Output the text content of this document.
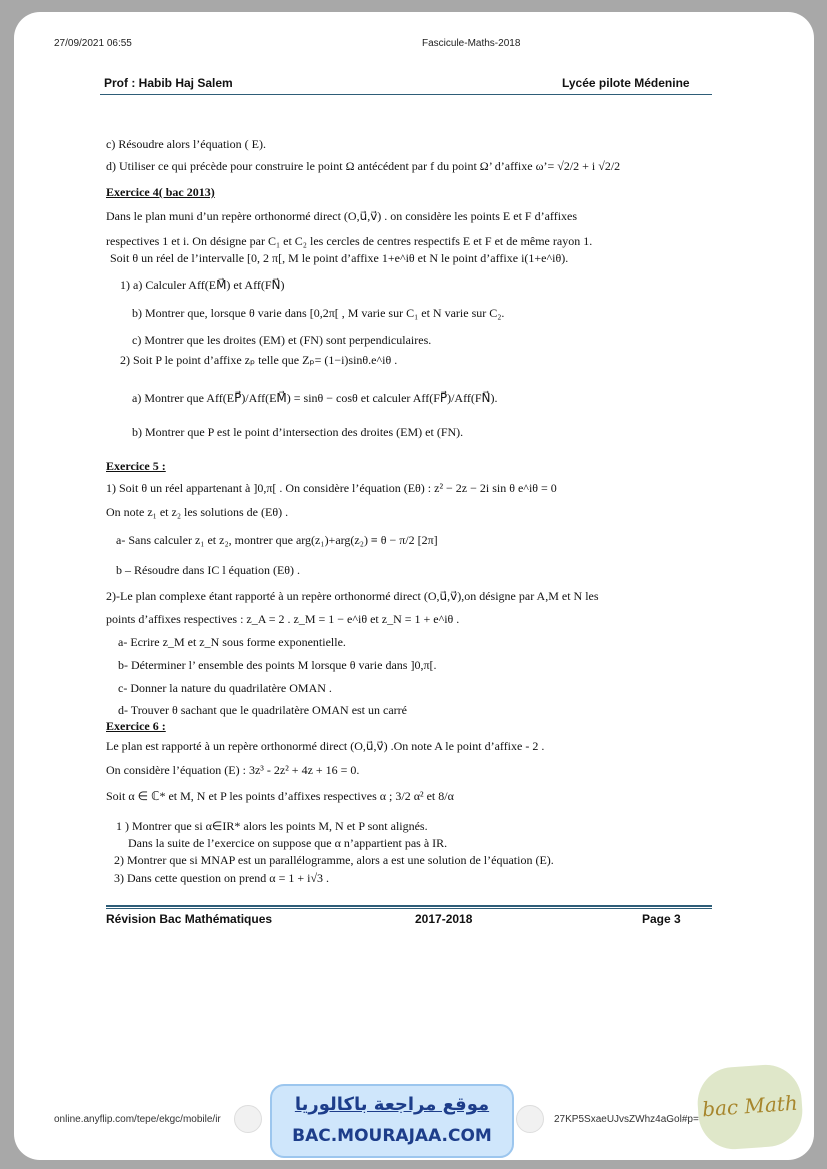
27/09/2021 06:55	Fascicule-Maths-2018
Prof : Habib Haj Salem	Lycée pilote Médenine
c) Résoudre alors l’équation ( E).
d) Utiliser ce qui précède pour construire le point Ω antécédent par f du point Ω’ d’affixe ω’= √2/2 + i √2/2
Exercice 4( bac 2013)
Dans le plan muni d’un repère orthonormé direct (O,u⃗,v⃗) . on considère les points E et F d’affixes
respectives 1 et i. On désigne par C₁ et C₂ les cercles de centres respectifs E et F et de même rayon 1.
Soit θ un réel de l’intervalle [0, 2 π[, M le point d’affixe 1+e^iθ et N le point d’affixe i(1+e^iθ).
1) a) Calculer Aff(EM⃗) et Aff(FN⃗)
b) Montrer que, lorsque θ varie dans [0,2π[ , M varie sur C₁ et N varie sur C₂.
c) Montrer que les droites (EM) et (FN) sont perpendiculaires.
2) Soit P le point d’affixe zₚ telle que Zₚ= (1−i)sinθ.e^iθ .
a) Montrer que Aff(EP⃗)/Aff(EM⃗) = sinθ − cosθ et calculer Aff(FP⃗)/Aff(FN⃗).
b) Montrer que P est le point d’intersection des droites (EM) et (FN).
Exercice 5 :
1) Soit θ un réel appartenant à ]0,π[ . On considère l’équation (Eθ) : z² − 2z − 2i sin θ e^iθ = 0
On note z₁ et z₂ les solutions de (Eθ) .
a- Sans calculer z₁ et z₂, montrer que arg(z₁)+arg(z₂) ≡ θ − π/2 [2π]
b – Résoudre dans IC l équation (Eθ) .
2)-Le plan complexe étant rapporté à un repère orthonormé direct (O,u⃗,v⃗),on désigne par A,M et N les
points d’affixes respectives : z_A = 2 . z_M = 1 − e^iθ et z_N = 1 + e^iθ .
a- Ecrire z_M et z_N sous forme exponentielle.
b- Déterminer l’ ensemble des points M lorsque θ varie dans ]0,π[.
c- Donner la nature du quadrilatère OMAN .
d- Trouver θ sachant que le quadrilatère OMAN est un carré
Exercice 6 :
Le plan est rapporté à un repère orthonormé direct (O,u⃗,v⃗) .On note A le point d’affixe - 2 .
On considère l’équation (E) : 3z³ - 2z² + 4z + 16 = 0.
Soit α ∈ ℂ* et M, N et P les points d’affixes respectives α ; 3/2 α² et 8/α
1 ) Montrer que si α∈IR* alors les points M, N et P sont alignés.
Dans la suite de l’exercice on suppose que α n’appartient pas à IR.
2) Montrer que si MNAP est un parallélogramme, alors a est une solution de l’équation (E).
3) Dans cette question on prend α = 1 + i√3 .
Révision Bac Mathématiques	2017-2018	Page 3
online.anyflip.com/tepe/ekgc/mobile/ir	27KP5SxaeUJvsZWhz4aGol#p=
موقع مراجعة باكالوريا
BAC.MOURAJAA.COM
bac Math
